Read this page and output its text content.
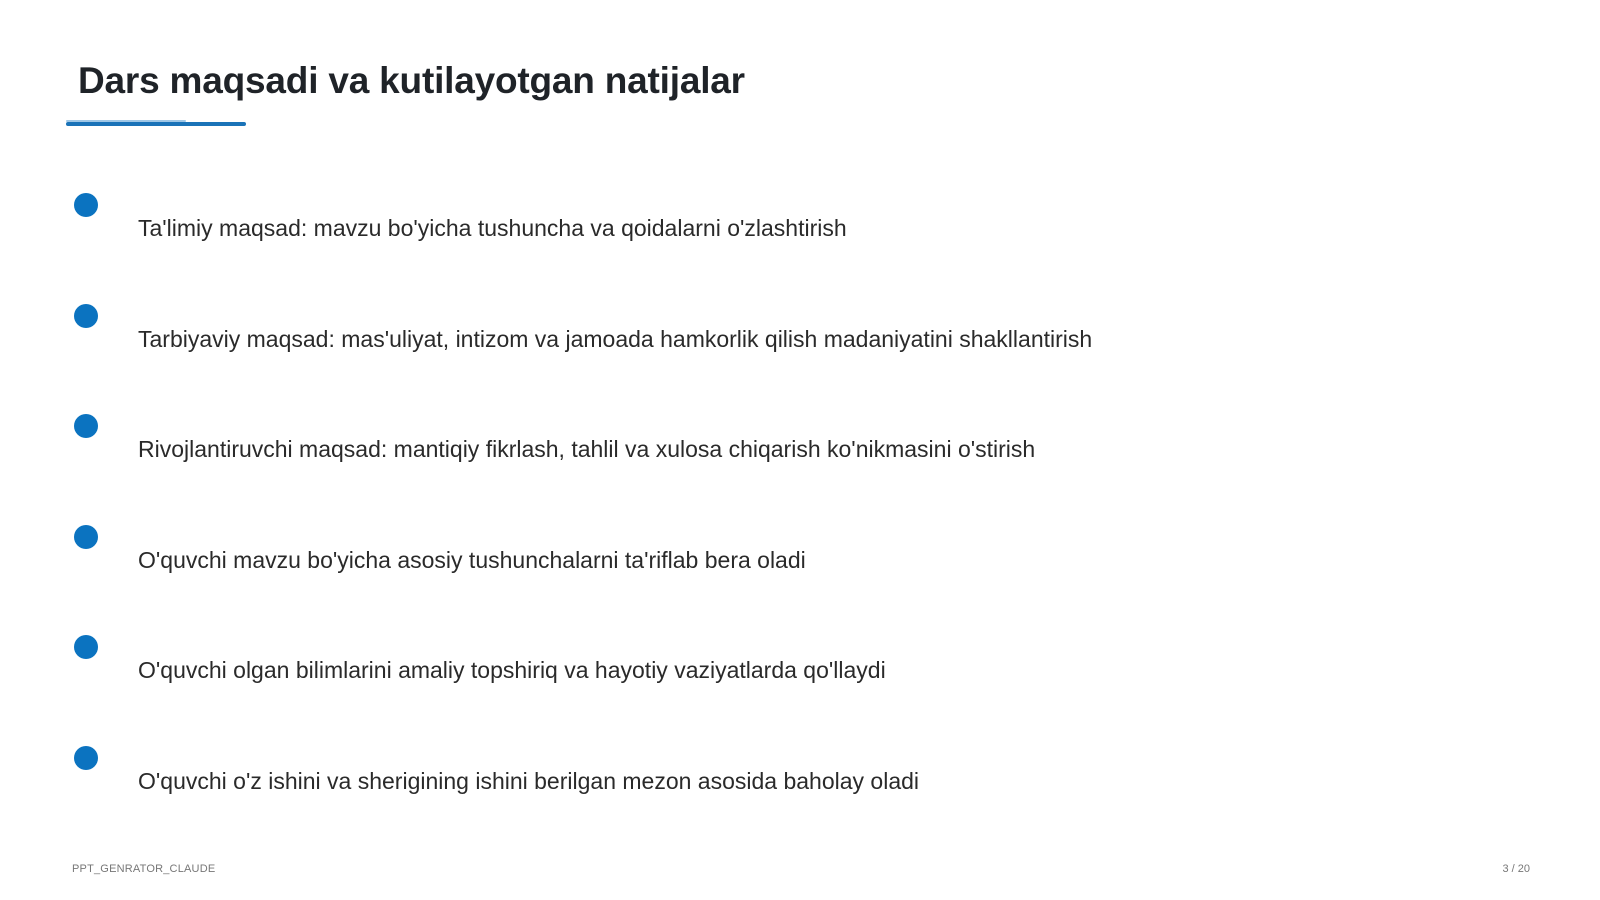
Dars maqsadi va kutilayotgan natijalar
Ta'limiy maqsad: mavzu bo'yicha tushuncha va qoidalarni o'zlashtirish
Tarbiyaviy maqsad: mas'uliyat, intizom va jamoada hamkorlik qilish madaniyatini shakllantirish
Rivojlantiruvchi maqsad: mantiqiy fikrlash, tahlil va xulosa chiqarish ko'nikmasini o'stirish
O'quvchi mavzu bo'yicha asosiy tushunchalarni ta'riflab bera oladi
O'quvchi olgan bilimlarini amaliy topshiriq va hayotiy vaziyatlarda qo'llaydi
O'quvchi o'z ishini va sherigining ishini berilgan mezon asosida baholay oladi
PPT_GENRATOR_CLAUDE	3 / 20
